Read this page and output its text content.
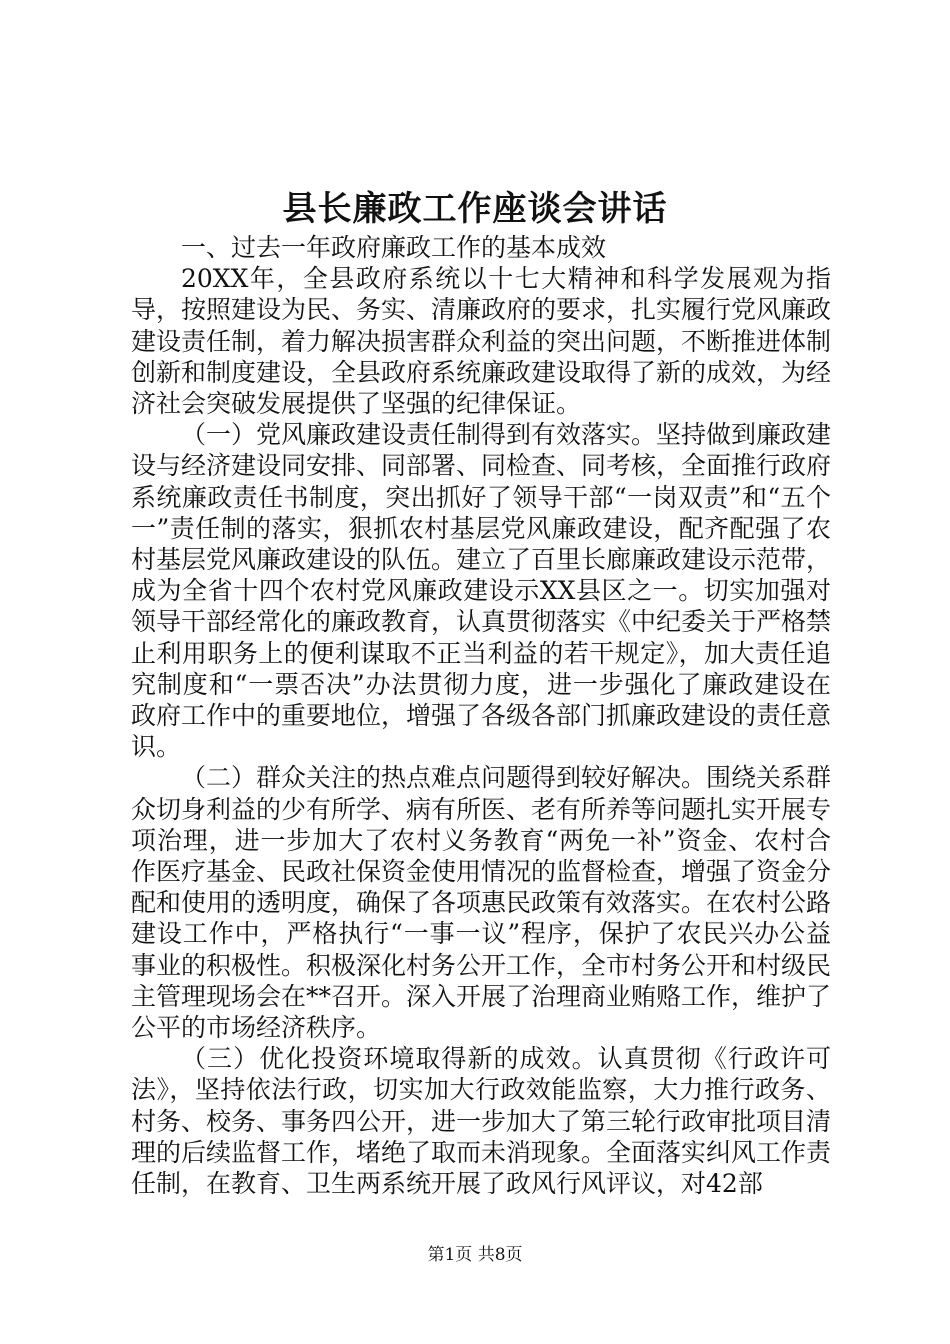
县长廉政工作座谈会讲话
一、过去一年政府廉政工作的基本成效

20XX年，全县政府系统以十七大精神和科学发展观为指导，按照建设为民、务实、清廉政府的要求，扎实履行党风廉政建设责任制，着力解决损害群众利益的突出问题，不断推进体制创新和制度建设，全县政府系统廉政建设取得了新的成效，为经济社会突破发展提供了坚强的纪律保证。

（一）党风廉政建设责任制得到有效落实。坚持做到廉政建设与经济建设同安排、同部署、同检查、同考核，全面推行政府系统廉政责任书制度，突出抓好了领导干部“一岗双责”和“五个一”责任制的落实，狠抓农村基层党风廉政建设，配齐配强了农村基层党风廉政建设的队伍。建立了百里长廊廉政建设示范带，成为全省十四个农村党风廉政建设示XX县区之一。切实加强对领导干部经常化的廉政教育，认真贯彻落实《中纪委关于严格禁止利用职务上的便利谋取不正当利益的若干规定》，加大责任追究制度和“一票否决”办法贯彻力度，进一步强化了廉政建设在政府工作中的重要地位，增强了各级各部门抓廉政建设的责任意识。

（二）群众关注的热点难点问题得到较好解决。围绕关系群众切身利益的少有所学、病有所医、老有所养等问题扎实开展专项治理，进一步加大了农村义务教育“两免一补”资金、农村合作医疗基金、民政社保资金使用情况的监督检查，增强了资金分配和使用的透明度，确保了各项惠民政策有效落实。在农村公路建设工作中，严格执行“一事一议”程序，保护了农民兴办公益事业的积极性。积极深化村务公开工作，全市村务公开和村级民主管理现场会在**召开。深入开展了治理商业贿赂工作，维护了公平的市场经济秩序。

（三）优化投资环境取得新的成效。认真贯彻《行政许可法》，坚持依法行政，切实加大行政效能监察，大力推行政务、村务、校务、事务四公开，进一步加大了第三轮行政审批项目清理的后续监督工作，堵绝了取而未消现象。全面落实纠风工作责任制，在教育、卫生两系统开展了政风行风评议，对42部

第1页 共8页
